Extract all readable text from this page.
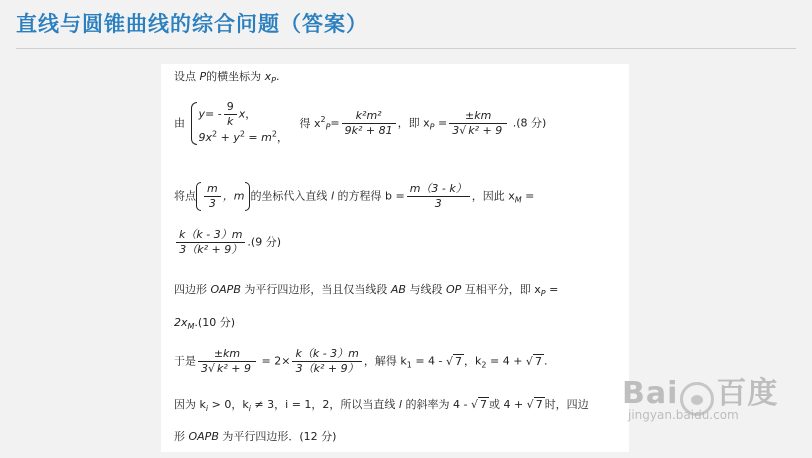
直线与圆锥曲线的综合问题（答案）
设点 P的横坐标为 $x_P$.
由
$y= - \frac{9}{k}$ x，
$9x^2 + y^2 = m^2$，
得 $x^2_P= \frac{\text{k²m²}}{\text{9k² + 81}}$ ，即 $x_P = \frac{\pm km}{\text{3√ k² + 9}} .(8$ 分)
将点 $\frac{m}{3}$ ，m 的坐标代入直线 l 的方程得 $b = \frac{m(3 - k)}{3}$ ，因此 $x_M$ =
$\frac{k(k - 3)m}{\text{3（k² + 9）}} .(9$ 分)
四边形 OAPB 为平行四边形，当且仅当线段 AB 与线段 OP 互相平分，即 $x_P$ =
$2x_M.(10$ 分)
于是 $\frac{\pm km}{\text{3√ k² + 9}} = 2\times \frac{k(k - 3)m}{\text{3（k² + 9）}}$ ，解得 $k_1 = 4$ - √ 7 ，$k_2 = 4$ + √ 7 .
因为 $k_i > 0$，$k_i \ne 3$，i = 1，2，所以当直线 l 的斜率为 4 - √ 7 或 4 + √ 7 时，四边
形 OAPB 为平行四边形．(12 分)
Bai 百度
jingyan.baidu.com
